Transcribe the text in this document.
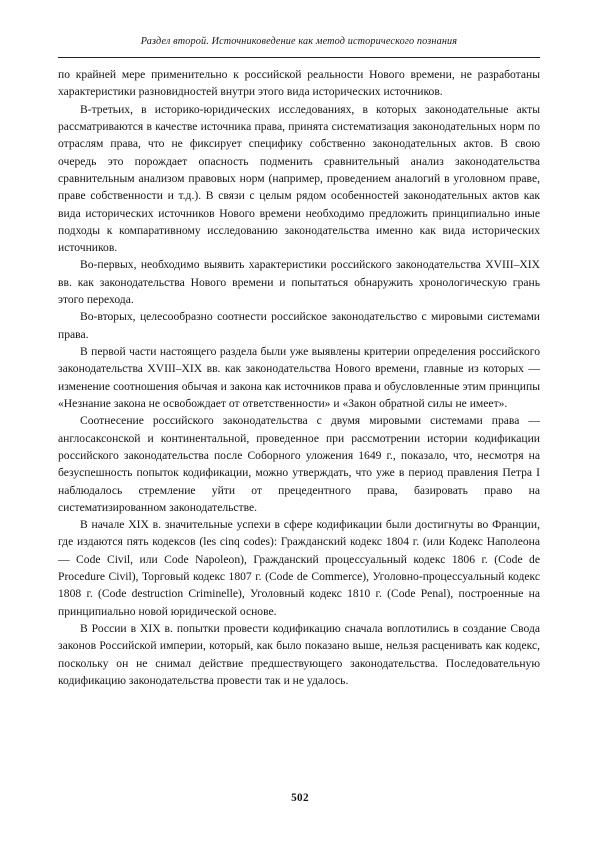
Раздел второй. Источниковедение как метод исторического познания

по крайней мере применительно к российской реальности Нового времени, не разработаны характеристики разновидностей внутри этого вида исторических источников.

В-третьих, в историко-юридических исследованиях, в которых законодательные акты рассматриваются в качестве источника права, принята систематизация законодательных норм по отраслям права, что не фиксирует специфику собственно законодательных актов. В свою очередь это порождает опасность подменить сравнительный анализ законодательства сравнительным анализом правовых норм (например, проведением аналогий в уголовном праве, праве собственности и т.д.). В связи с целым рядом особенностей законодательных актов как вида исторических источников Нового времени необходимо предложить принципиально иные подходы к компаративному исследованию законодательства именно как вида исторических источников.

Во-первых, необходимо выявить характеристики российского законодательства XVIII–XIX вв. как законодательства Нового времени и попытаться обнаружить хронологическую грань этого перехода.

Во-вторых, целесообразно соотнести российское законодательство с мировыми системами права.

В первой части настоящего раздела были уже выявлены критерии определения российского законодательства XVIII–XIX вв. как законодательства Нового времени, главные из которых — изменение соотношения обычая и закона как источников права и обусловленные этим принципы «Незнание закона не освобождает от ответственности» и «Закон обратной силы не имеет».

Соотнесение российского законодательства с двумя мировыми системами права — англосаксонской и континентальной, проведенное при рассмотрении истории кодификации российского законодательства после Соборного уложения 1649 г., показало, что, несмотря на безуспешность попыток кодификации, можно утверждать, что уже в период правления Петра I наблюдалось стремление уйти от прецедентного права, базировать право на систематизированном законодательстве.

В начале XIX в. значительные успехи в сфере кодификации были достигнуты во Франции, где издаются пять кодексов (les cinq codes): Гражданский кодекс 1804 г. (или Кодекс Наполеона — Code Civil, или Code Napoleon), Гражданский процессуальный кодекс 1806 г. (Code de Procedure Civil), Торговый кодекс 1807 г. (Code de Commerce), Уголовно-процессуальный кодекс 1808 г. (Code destruction Criminelle), Уголовный кодекс 1810 г. (Code Penal), построенные на принципиально новой юридической основе.

В России в XIX в. попытки провести кодификацию сначала воплотились в создание Свода законов Российской империи, который, как было показано выше, нельзя расценивать как кодекс, поскольку он не снимал действие предшествующего законодательства. Последовательную кодификацию законодательства провести так и не удалось.

502
